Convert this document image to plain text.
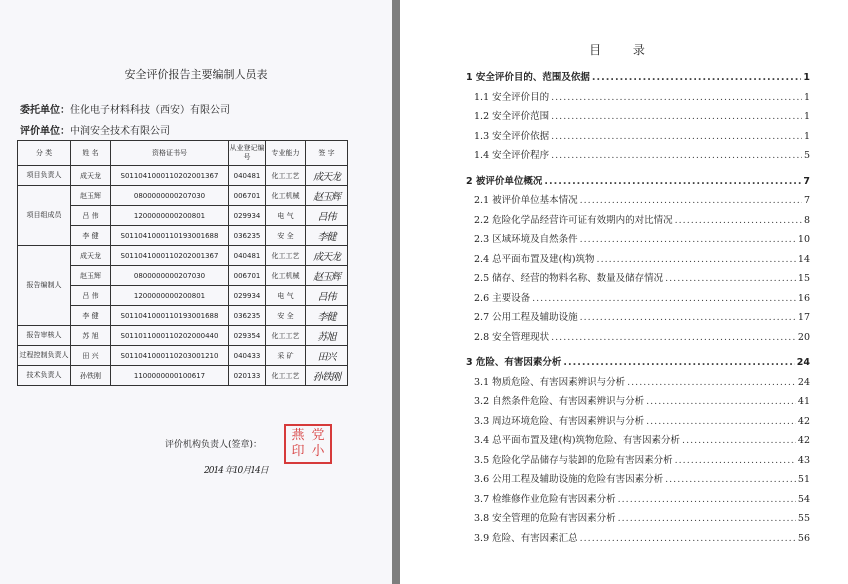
安全评价报告主要编制人员表
委托单位：住化电子材料科技（西安）有限公司
评价单位：中润安全技术有限公司
分 类	姓 名	资格证书号	从业登记编号	专业能力	签 字
项目负责人	成天龙	S011041000110202001367	040481	化工工艺	成天龙
项目组成员	赵玉辉	0800000000207030	006701	化工机械	赵玉辉
	吕 伟	1200000000200801	029934	电 气	吕伟
	李 健	S011041000110193001688	036235	安 全	李健
报告编制人	成天龙	S011041000110202001367	040481	化工工艺	成天龙
	赵玉辉	0800000000207030	006701	化工机械	赵玉辉
	吕 伟	1200000000200801	029934	电 气	吕伟
	李 健	S011041000110193001688	036235	安 全	李健
报告审核人	苏 旭	S011011000110202000440	029354	化工工艺	苏旭
过程控制负责人	田 兴	S011041000110203001210	040433	采 矿	田兴
技术负责人	孙铁刚	1100000000100617	020133	化工工艺	孙铁刚
评价机构负责人(签章)：
燕 党
印 小
2014 年10月14日
目 录
1 安全评价目的、范围及依据 .....	1
1.1 安全评价目的 .....	1
1.2 安全评价范围 .....	1
1.3 安全评价依据 .....	1
1.4 安全评价程序 .....	5
2 被评价单位概况 .....	7
2.1 被评价单位基本情况 .....	7
2.2 危险化学品经营许可证有效期内的对比情况 .....	8
2.3 区域环境及自然条件 .....	10
2.4 总平面布置及建(构)筑物 .....	14
2.5 储存、经营的物料名称、数量及储存情况 .....	15
2.6 主要设备 .....	16
2.7 公用工程及辅助设施 .....	17
2.8 安全管理现状 .....	20
3 危险、有害因素分析 .....	24
3.1 物质危险、有害因素辨识与分析 .....	24
3.2 自然条件危险、有害因素辨识与分析 .....	41
3.3 周边环境危险、有害因素辨识与分析 .....	42
3.4 总平面布置及建(构)筑物危险、有害因素分析 .....	42
3.5 危险化学品储存与装卸的危险有害因素分析 .....	43
3.6 公用工程及辅助设施的危险有害因素分析 .....	51
3.7 检维修作业危险有害因素分析 .....	54
3.8 安全管理的危险有害因素分析 .....	55
3.9 危险、有害因素汇总 .....	56
